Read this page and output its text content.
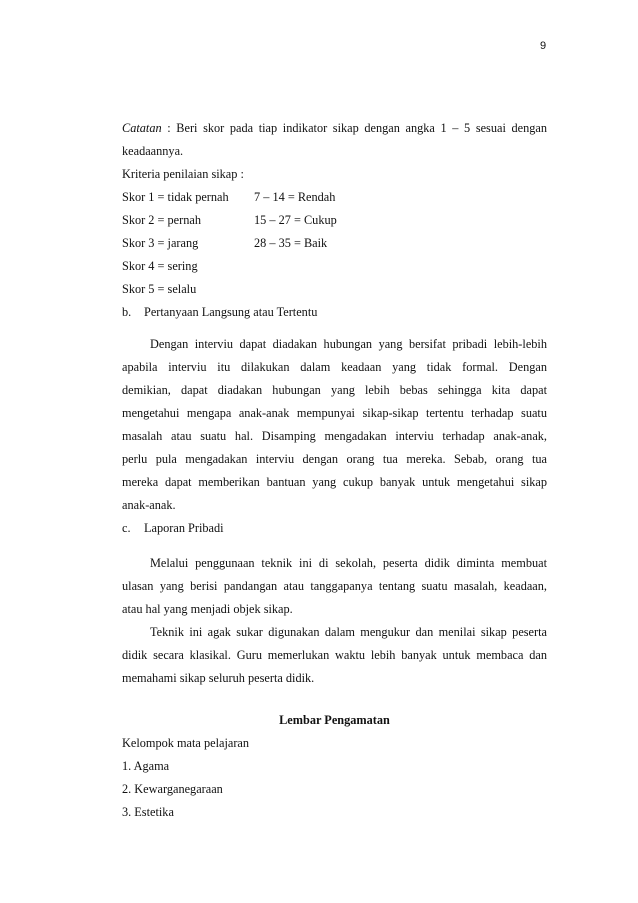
9
Catatan : Beri skor pada tiap indikator sikap dengan angka 1 – 5 sesuai dengan
keadaannya.
Kriteria penilaian sikap :
Skor 1 = tidak pernah 7 – 14 = Rendah
Skor 2 = pernah	15 – 27 = Cukup
Skor 3 = jarang	28 – 35 = Baik
Skor 4 = sering
Skor 5 = selalu
b. Pertanyaan Langsung atau Tertentu
Dengan interviu dapat diadakan hubungan yang bersifat pribadi lebih-lebih
apabila interviu itu dilakukan dalam keadaan yang tidak formal. Dengan
demikian, dapat diadakan hubungan yang lebih bebas sehingga kita dapat
mengetahui mengapa anak-anak mempunyai sikap-sikap tertentu terhadap suatu
masalah atau suatu hal. Disamping mengadakan interviu terhadap anak-anak,
perlu pula mengadakan interviu dengan orang tua mereka. Sebab, orang tua
mereka dapat memberikan bantuan yang cukup banyak untuk mengetahui sikap
anak-anak.
c. Laporan Pribadi
Melalui penggunaan teknik ini di sekolah, peserta didik diminta membuat
ulasan yang berisi pandangan atau tanggapanya tentang suatu masalah, keadaan,
atau hal yang menjadi objek sikap.
Teknik ini agak sukar digunakan dalam mengukur dan menilai sikap peserta
didik secara klasikal. Guru memerlukan waktu lebih banyak untuk membaca dan
memahami sikap seluruh peserta didik.
Lembar Pengamatan
Kelompok mata pelajaran
1. Agama
2. Kewarganegaraan
3. Estetika
